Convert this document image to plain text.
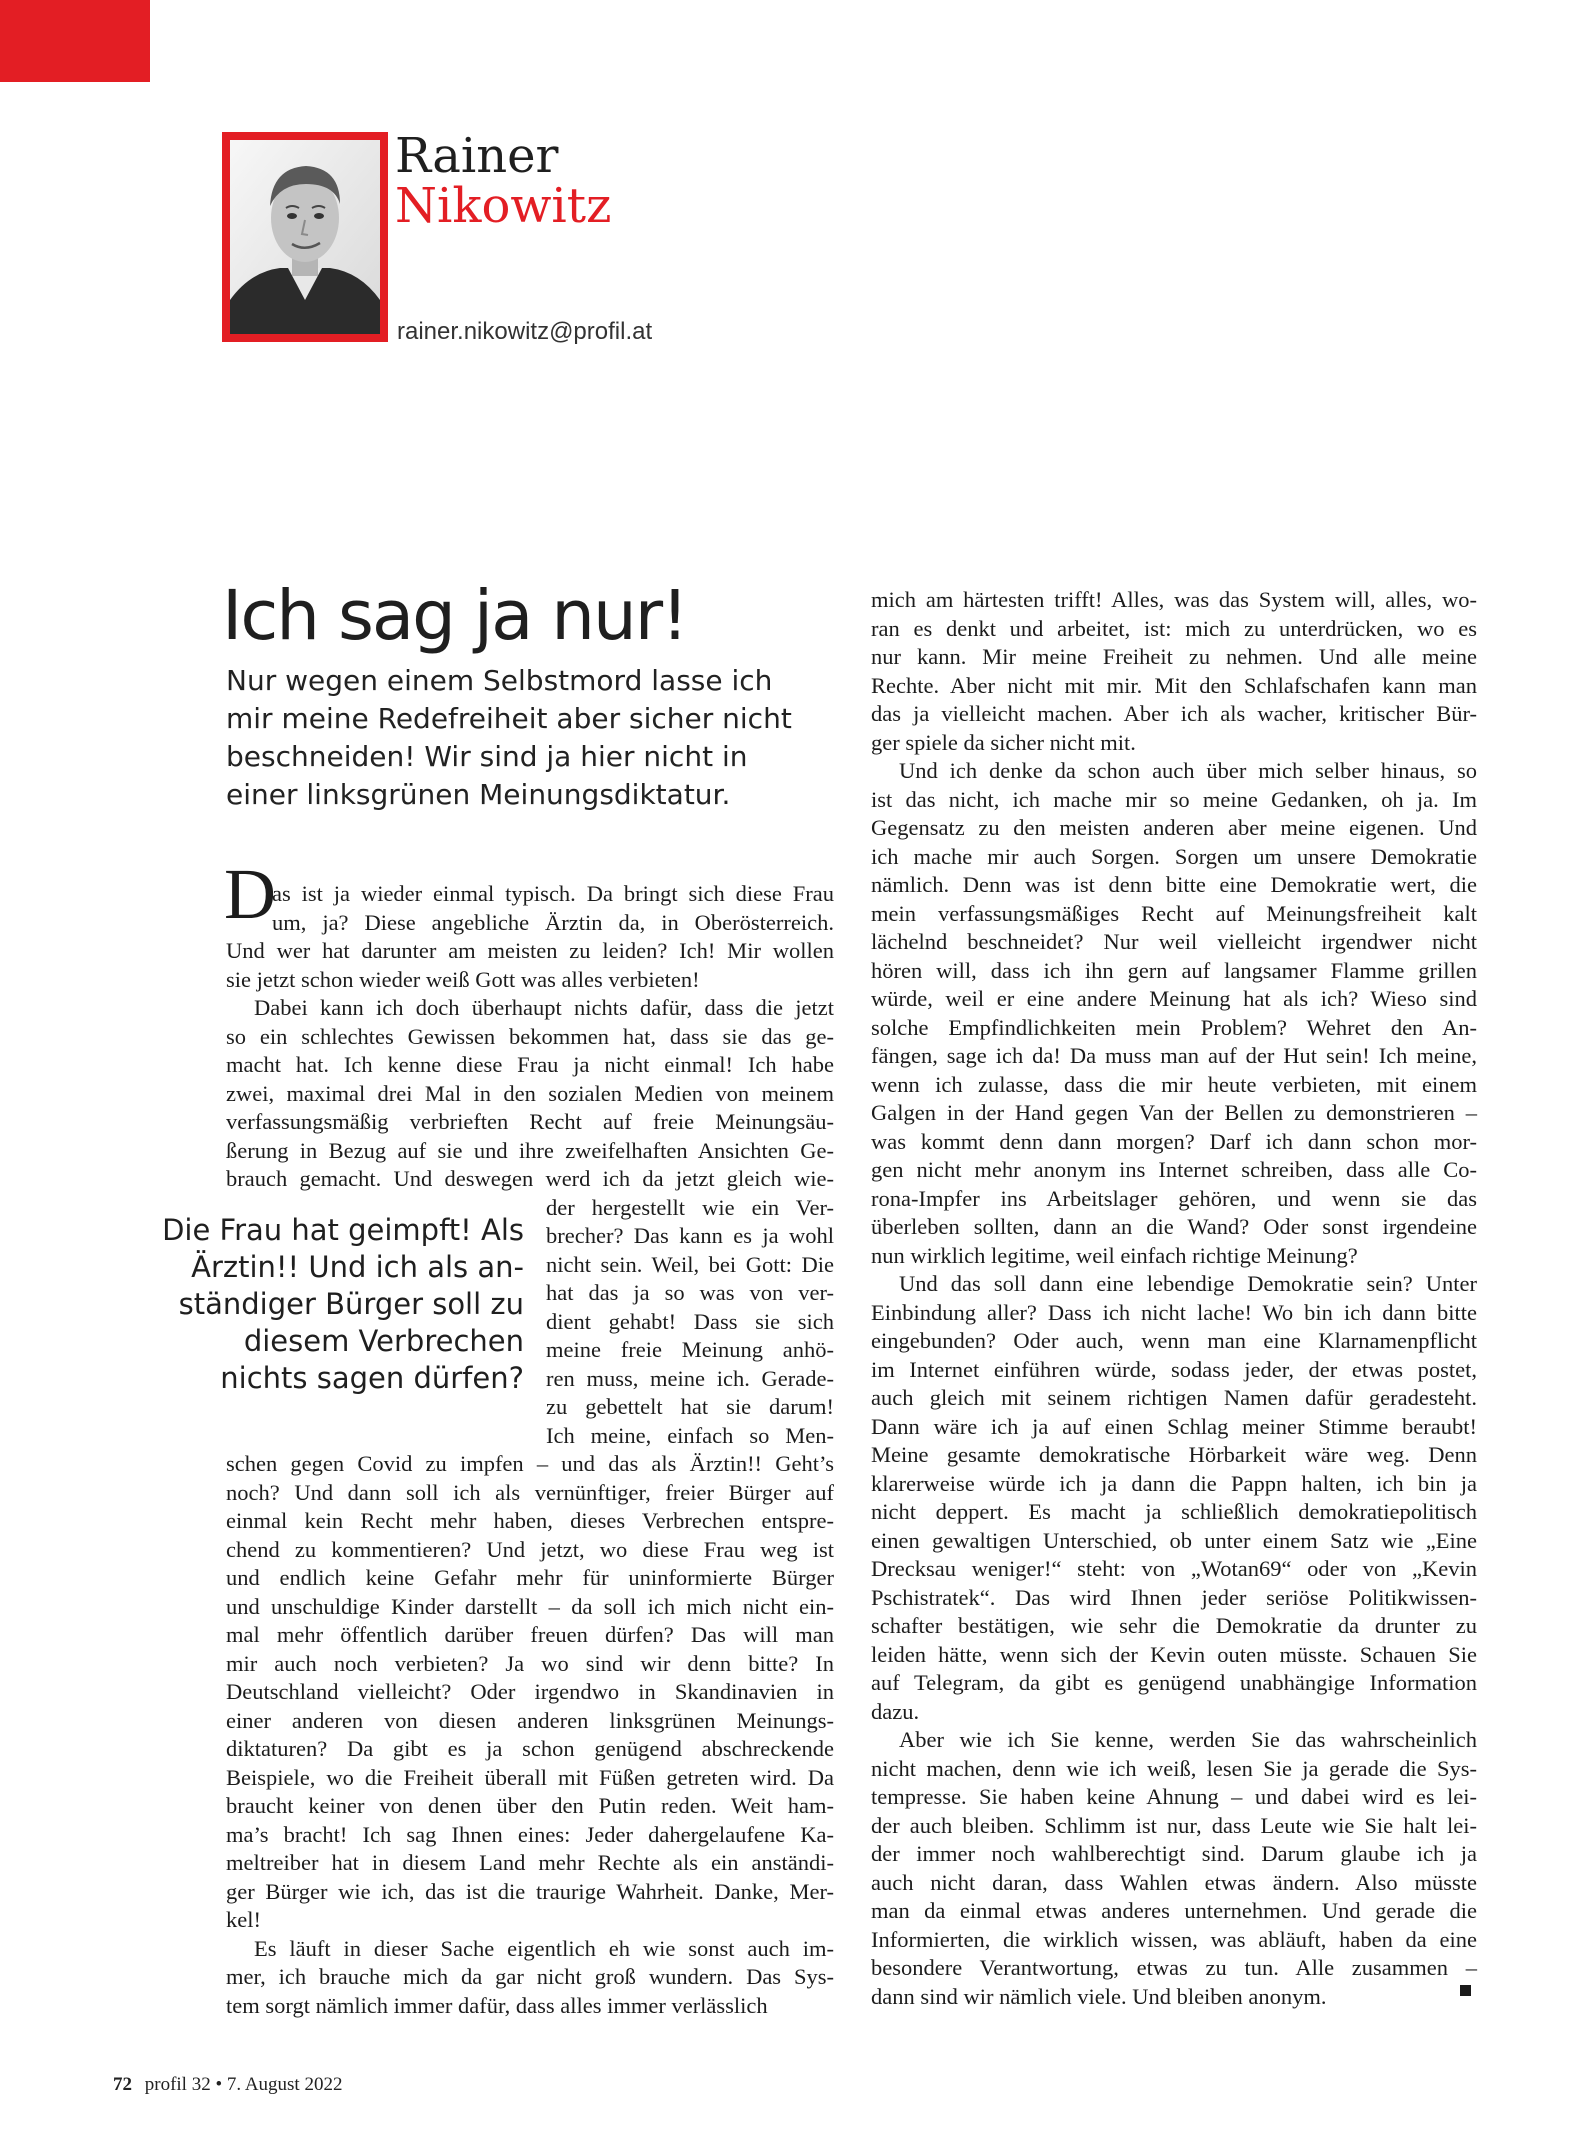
Rainer
Nikowitz
rainer.nikowitz@profil.at
Ich sag ja nur!
Nur wegen einem Selbstmord lasse ich
mir meine Redefreiheit aber sicher nicht
beschneiden! Wir sind ja hier nicht in
einer linksgrünen Meinungsdiktatur.
D
Die Frau hat geimpft! Als
Ärztin!! Und ich als an-
ständiger Bürger soll zu
diesem Verbrechen
nichts sagen dürfen?
as ist ja wieder einmal typisch. Da bringt sich diese Frau
um, ja? Diese angebliche Ärztin da, in Oberösterreich.
Und wer hat darunter am meisten zu leiden? Ich! Mir wollen
sie jetzt schon wieder weiß Gott was alles verbieten!
Dabei kann ich doch überhaupt nichts dafür, dass die jetzt
so ein schlechtes Gewissen bekommen hat, dass sie das ge-
macht hat. Ich kenne diese Frau ja nicht einmal! Ich habe
zwei, maximal drei Mal in den sozialen Medien von meinem
verfassungsmäßig verbrieften Recht auf freie Meinungsäu-
ßerung in Bezug auf sie und ihre zweifelhaften Ansichten Ge-
brauch gemacht. Und deswegen werd ich da jetzt gleich wie-
der hergestellt wie ein Ver-
brecher? Das kann es ja wohl
nicht sein. Weil, bei Gott: Die
hat das ja so was von ver-
dient gehabt! Dass sie sich
meine freie Meinung anhö-
ren muss, meine ich. Gerade-
zu gebettelt hat sie darum!
Ich meine, einfach so Men-
schen gegen Covid zu impfen – und das als Ärztin!! Geht’s
noch? Und dann soll ich als vernünftiger, freier Bürger auf
einmal kein Recht mehr haben, dieses Verbrechen entspre-
chend zu kommentieren? Und jetzt, wo diese Frau weg ist
und endlich keine Gefahr mehr für uninformierte Bürger
und unschuldige Kinder darstellt – da soll ich mich nicht ein-
mal mehr öffentlich darüber freuen dürfen? Das will man
mir auch noch verbieten? Ja wo sind wir denn bitte? In
Deutschland vielleicht? Oder irgendwo in Skandinavien in
einer anderen von diesen anderen linksgrünen Meinungs-
diktaturen? Da gibt es ja schon genügend abschreckende
Beispiele, wo die Freiheit überall mit Füßen getreten wird. Da
braucht keiner von denen über den Putin reden. Weit ham-
ma’s bracht! Ich sag Ihnen eines: Jeder dahergelaufene Ka-
meltreiber hat in diesem Land mehr Rechte als ein anständi-
ger Bürger wie ich, das ist die traurige Wahrheit. Danke, Mer-
kel!
Es läuft in dieser Sache eigentlich eh wie sonst auch im-
mer, ich brauche mich da gar nicht groß wundern. Das Sys-
tem sorgt nämlich immer dafür, dass alles immer verlässlich
mich am härtesten trifft! Alles, was das System will, alles, wo-
ran es denkt und arbeitet, ist: mich zu unterdrücken, wo es
nur kann. Mir meine Freiheit zu nehmen. Und alle meine
Rechte. Aber nicht mit mir. Mit den Schlafschafen kann man
das ja vielleicht machen. Aber ich als wacher, kritischer Bür-
ger spiele da sicher nicht mit.
Und ich denke da schon auch über mich selber hinaus, so
ist das nicht, ich mache mir so meine Gedanken, oh ja. Im
Gegensatz zu den meisten anderen aber meine eigenen. Und
ich mache mir auch Sorgen. Sorgen um unsere Demokratie
nämlich. Denn was ist denn bitte eine Demokratie wert, die
mein verfassungsmäßiges Recht auf Meinungsfreiheit kalt
lächelnd beschneidet? Nur weil vielleicht irgendwer nicht
hören will, dass ich ihn gern auf langsamer Flamme grillen
würde, weil er eine andere Meinung hat als ich? Wieso sind
solche Empfindlichkeiten mein Problem? Wehret den An-
fängen, sage ich da! Da muss man auf der Hut sein! Ich meine,
wenn ich zulasse, dass die mir heute verbieten, mit einem
Galgen in der Hand gegen Van der Bellen zu demonstrieren –
was kommt denn dann morgen? Darf ich dann schon mor-
gen nicht mehr anonym ins Internet schreiben, dass alle Co-
rona-Impfer ins Arbeitslager gehören, und wenn sie das
überleben sollten, dann an die Wand? Oder sonst irgendeine
nun wirklich legitime, weil einfach richtige Meinung?
Und das soll dann eine lebendige Demokratie sein? Unter
Einbindung aller? Dass ich nicht lache! Wo bin ich dann bitte
eingebunden? Oder auch, wenn man eine Klarnamenpflicht
im Internet einführen würde, sodass jeder, der etwas postet,
auch gleich mit seinem richtigen Namen dafür geradesteht.
Dann wäre ich ja auf einen Schlag meiner Stimme beraubt!
Meine gesamte demokratische Hörbarkeit wäre weg. Denn
klarerweise würde ich ja dann die Pappn halten, ich bin ja
nicht deppert. Es macht ja schließlich demokratiepolitisch
einen gewaltigen Unterschied, ob unter einem Satz wie „Eine
Drecksau weniger!“ steht: von „Wotan69“ oder von „Kevin
Pschistratek“. Das wird Ihnen jeder seriöse Politikwissen-
schafter bestätigen, wie sehr die Demokratie da drunter zu
leiden hätte, wenn sich der Kevin outen müsste. Schauen Sie
auf Telegram, da gibt es genügend unabhängige Information
dazu.
Aber wie ich Sie kenne, werden Sie das wahrscheinlich
nicht machen, denn wie ich weiß, lesen Sie ja gerade die Sys-
tempresse. Sie haben keine Ahnung – und dabei wird es lei-
der auch bleiben. Schlimm ist nur, dass Leute wie Sie halt lei-
der immer noch wahlberechtigt sind. Darum glaube ich ja
auch nicht daran, dass Wahlen etwas ändern. Also müsste
man da einmal etwas anderes unternehmen. Und gerade die
Informierten, die wirklich wissen, was abläuft, haben da eine
besondere Verantwortung, etwas zu tun. Alle zusammen –
dann sind wir nämlich viele. Und bleiben anonym.
72 profil 32 • 7. August 2022
